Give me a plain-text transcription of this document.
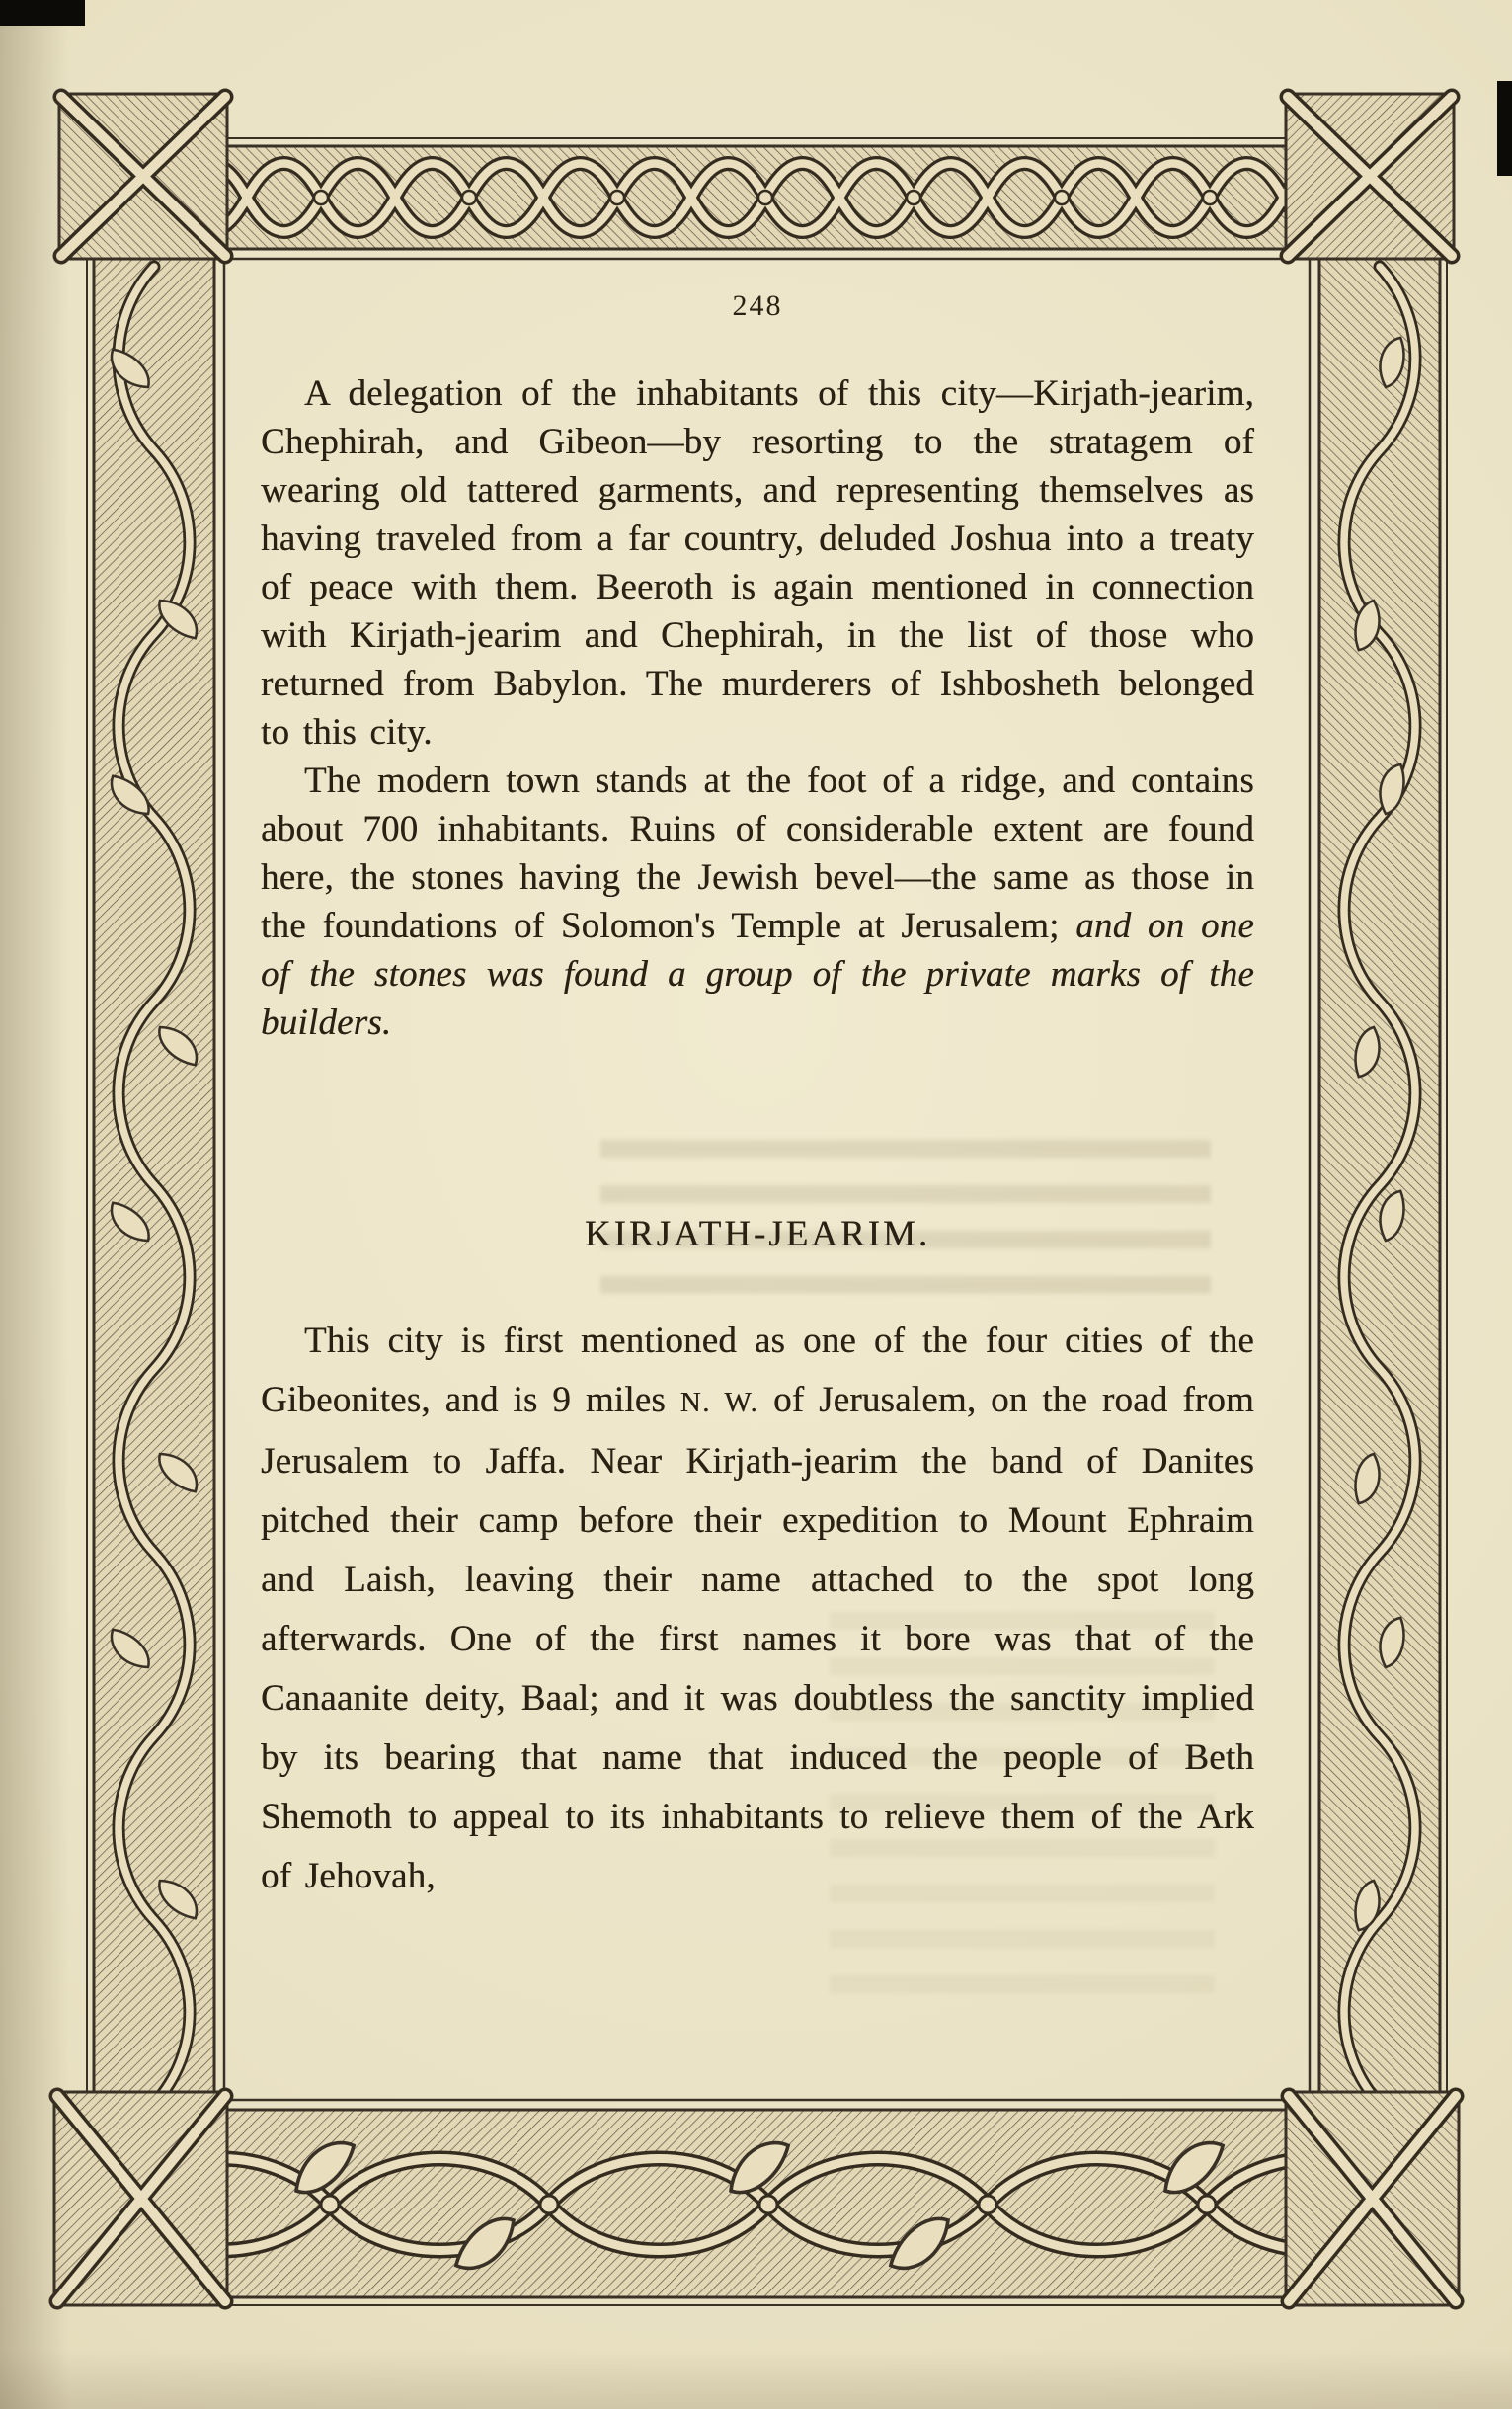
248

A delegation of the inhabitants of this city—Kirjath-jearim, Chephirah, and Gibeon—by resorting to the stratagem of wearing old tattered garments, and representing themselves as having traveled from a far country, deluded Joshua into a treaty of peace with them. Beeroth is again mentioned in connection with Kirjath-jearim and Chephirah, in the list of those who returned from Babylon. The murderers of Ishbosheth belonged to this city.

The modern town stands at the foot of a ridge, and contains about 700 inhabitants. Ruins of considerable extent are found here, the stones having the Jewish bevel—the same as those in the foundations of Solomon's Temple at Jerusalem; and on one of the stones was found a group of the private marks of the builders.

KIRJATH-JEARIM.

This city is first mentioned as one of the four cities of the Gibeonites, and is 9 miles N. W. of Jerusalem, on the road from Jerusalem to Jaffa. Near Kirjath-jearim the band of Danites pitched their camp before their expedition to Mount Ephraim and Laish, leaving their name attached to the spot long afterwards. One of the first names it bore was that of the Canaanite deity, Baal; and it was doubtless the sanctity implied by its bearing that name that induced the people of Beth Shemoth to appeal to its inhabitants to relieve them of the Ark of Jehovah,
